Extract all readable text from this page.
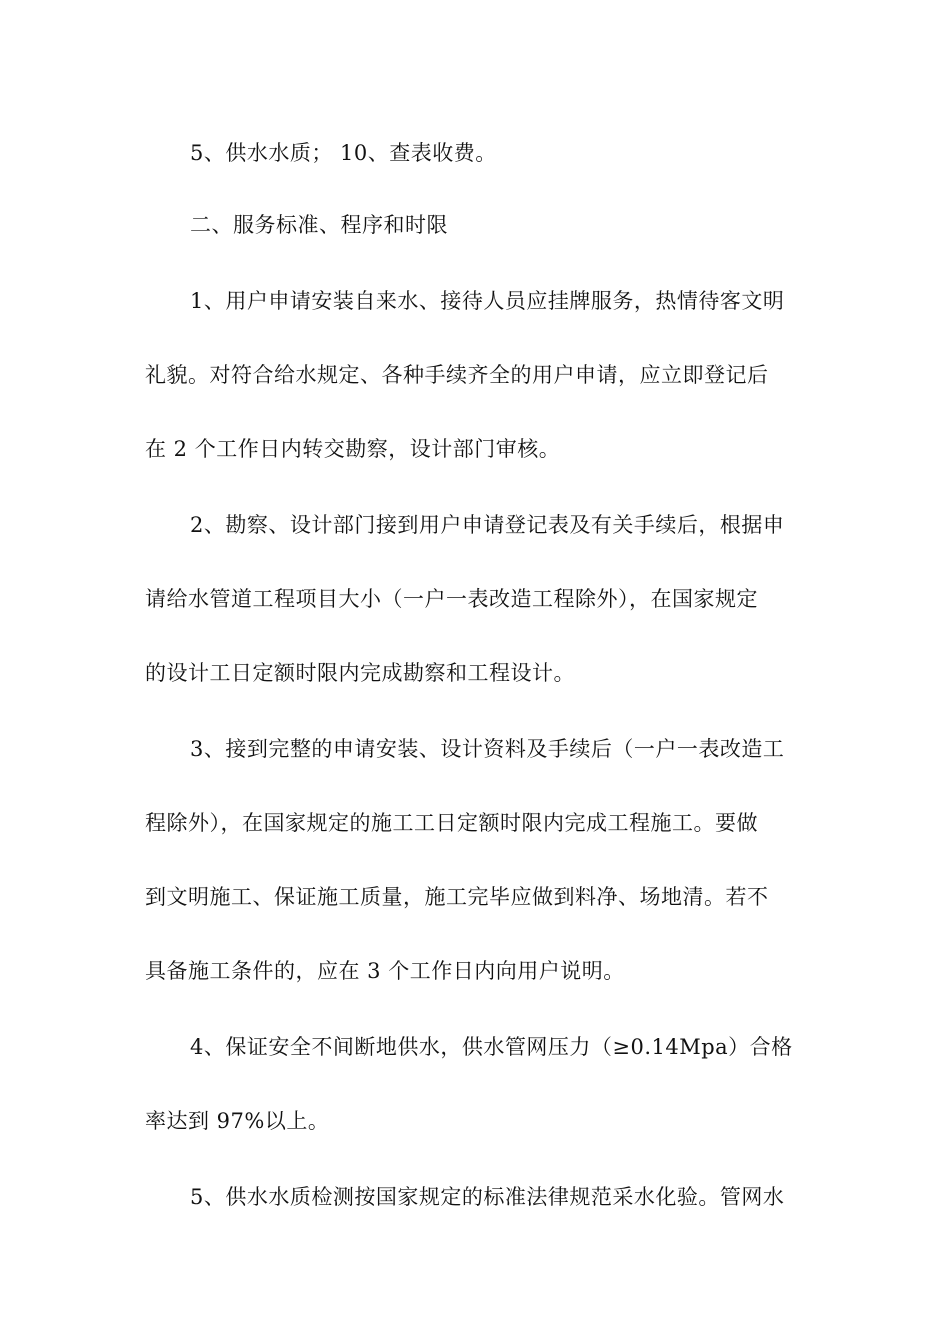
5、供水水质； 10、查表收费。
二、服务标准、程序和时限
1、用户申请安装自来水、接待人员应挂牌服务，热情待客文明
礼貌。对符合给水规定、各种手续齐全的用户申请，应立即登记后
在 2 个工作日内转交勘察，设计部门审核。
2、勘察、设计部门接到用户申请登记表及有关手续后，根据申
请给水管道工程项目大小（一户一表改造工程除外），在国家规定
的设计工日定额时限内完成勘察和工程设计。
3、接到完整的申请安装、设计资料及手续后（一户一表改造工
程除外），在国家规定的施工工日定额时限内完成工程施工。要做
到文明施工、保证施工质量，施工完毕应做到料净、场地清。若不
具备施工条件的，应在 3 个工作日内向用户说明。
4、保证安全不间断地供水，供水管网压力（≥0.14Mpa）合格
率达到 97%以上。
5、供水水质检测按国家规定的标准法律规范采水化验。管网水
